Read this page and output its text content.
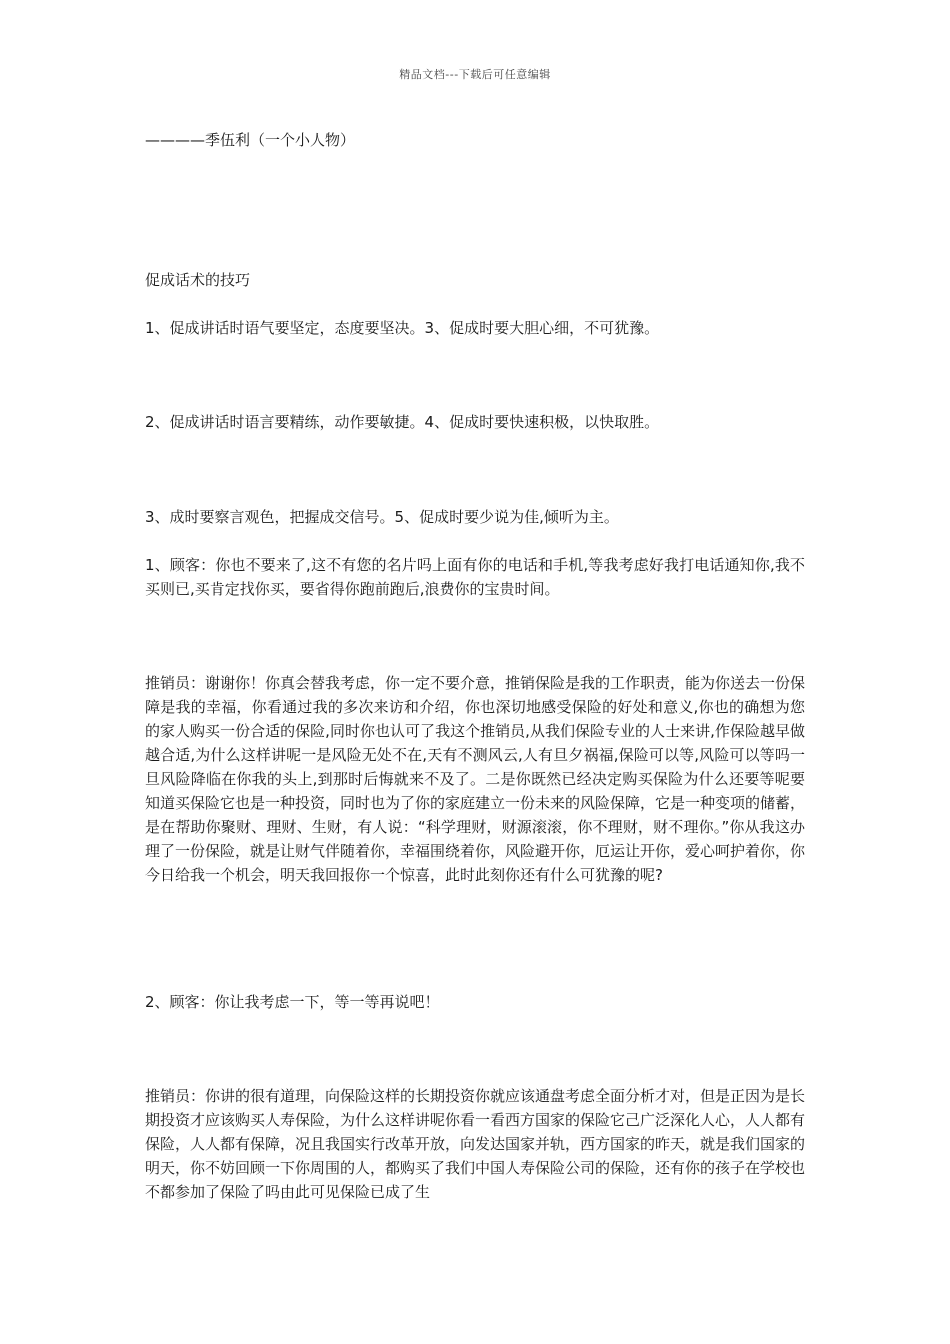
精品文档---下载后可任意编辑

————季伍利（一个小人物）

促成话术的技巧

1、促成讲话时语气要坚定，态度要坚决。3、促成时要大胆心细，不可犹豫。

2、促成讲话时语言要精练，动作要敏捷。4、促成时要快速积极，以快取胜。

3、成时要察言观色，把握成交信号。5、促成时要少说为佳,倾听为主。

1、顾客：你也不要来了,这不有您的名片吗上面有你的电话和手机,等我考虑好我打电话通知你,我不买则已,买肯定找你买，要省得你跑前跑后,浪费你的宝贵时间。

推销员：谢谢你！你真会替我考虑，你一定不要介意，推销保险是我的工作职责，能为你送去一份保障是我的幸福，你看通过我的多次来访和介绍，你也深切地感受保险的好处和意义,你也的确想为您的家人购买一份合适的保险,同时你也认可了我这个推销员,从我们保险专业的人士来讲,作保险越早做越合适,为什么这样讲呢一是风险无处不在,天有不测风云,人有旦夕祸福,保险可以等,风险可以等吗一旦风险降临在你我的头上,到那时后悔就来不及了。二是你既然已经决定购买保险为什么还要等呢要知道买保险它也是一种投资，同时也为了你的家庭建立一份未来的风险保障，它是一种变项的储蓄，是在帮助你聚财、理财、生财，有人说：“科学理财，财源滚滚，你不理财，财不理你。”你从我这办理了一份保险，就是让财气伴随着你，幸福围绕着你，风险避开你，厄运让开你，爱心呵护着你，你今日给我一个机会，明天我回报你一个惊喜，此时此刻你还有什么可犹豫的呢?

2、顾客：你让我考虑一下，等一等再说吧！

推销员：你讲的很有道理，向保险这样的长期投资你就应该通盘考虑全面分析才对，但是正因为是长期投资才应该购买人寿保险，为什么这样讲呢你看一看西方国家的保险它己广泛深化人心，人人都有保险，人人都有保障，况且我国实行改革开放，向发达国家并轨，西方国家的昨天，就是我们国家的明天，你不妨回顾一下你周围的人，都购买了我们中国人寿保险公司的保险，还有你的孩子在学校也不都参加了保险了吗由此可见保险已成了生
